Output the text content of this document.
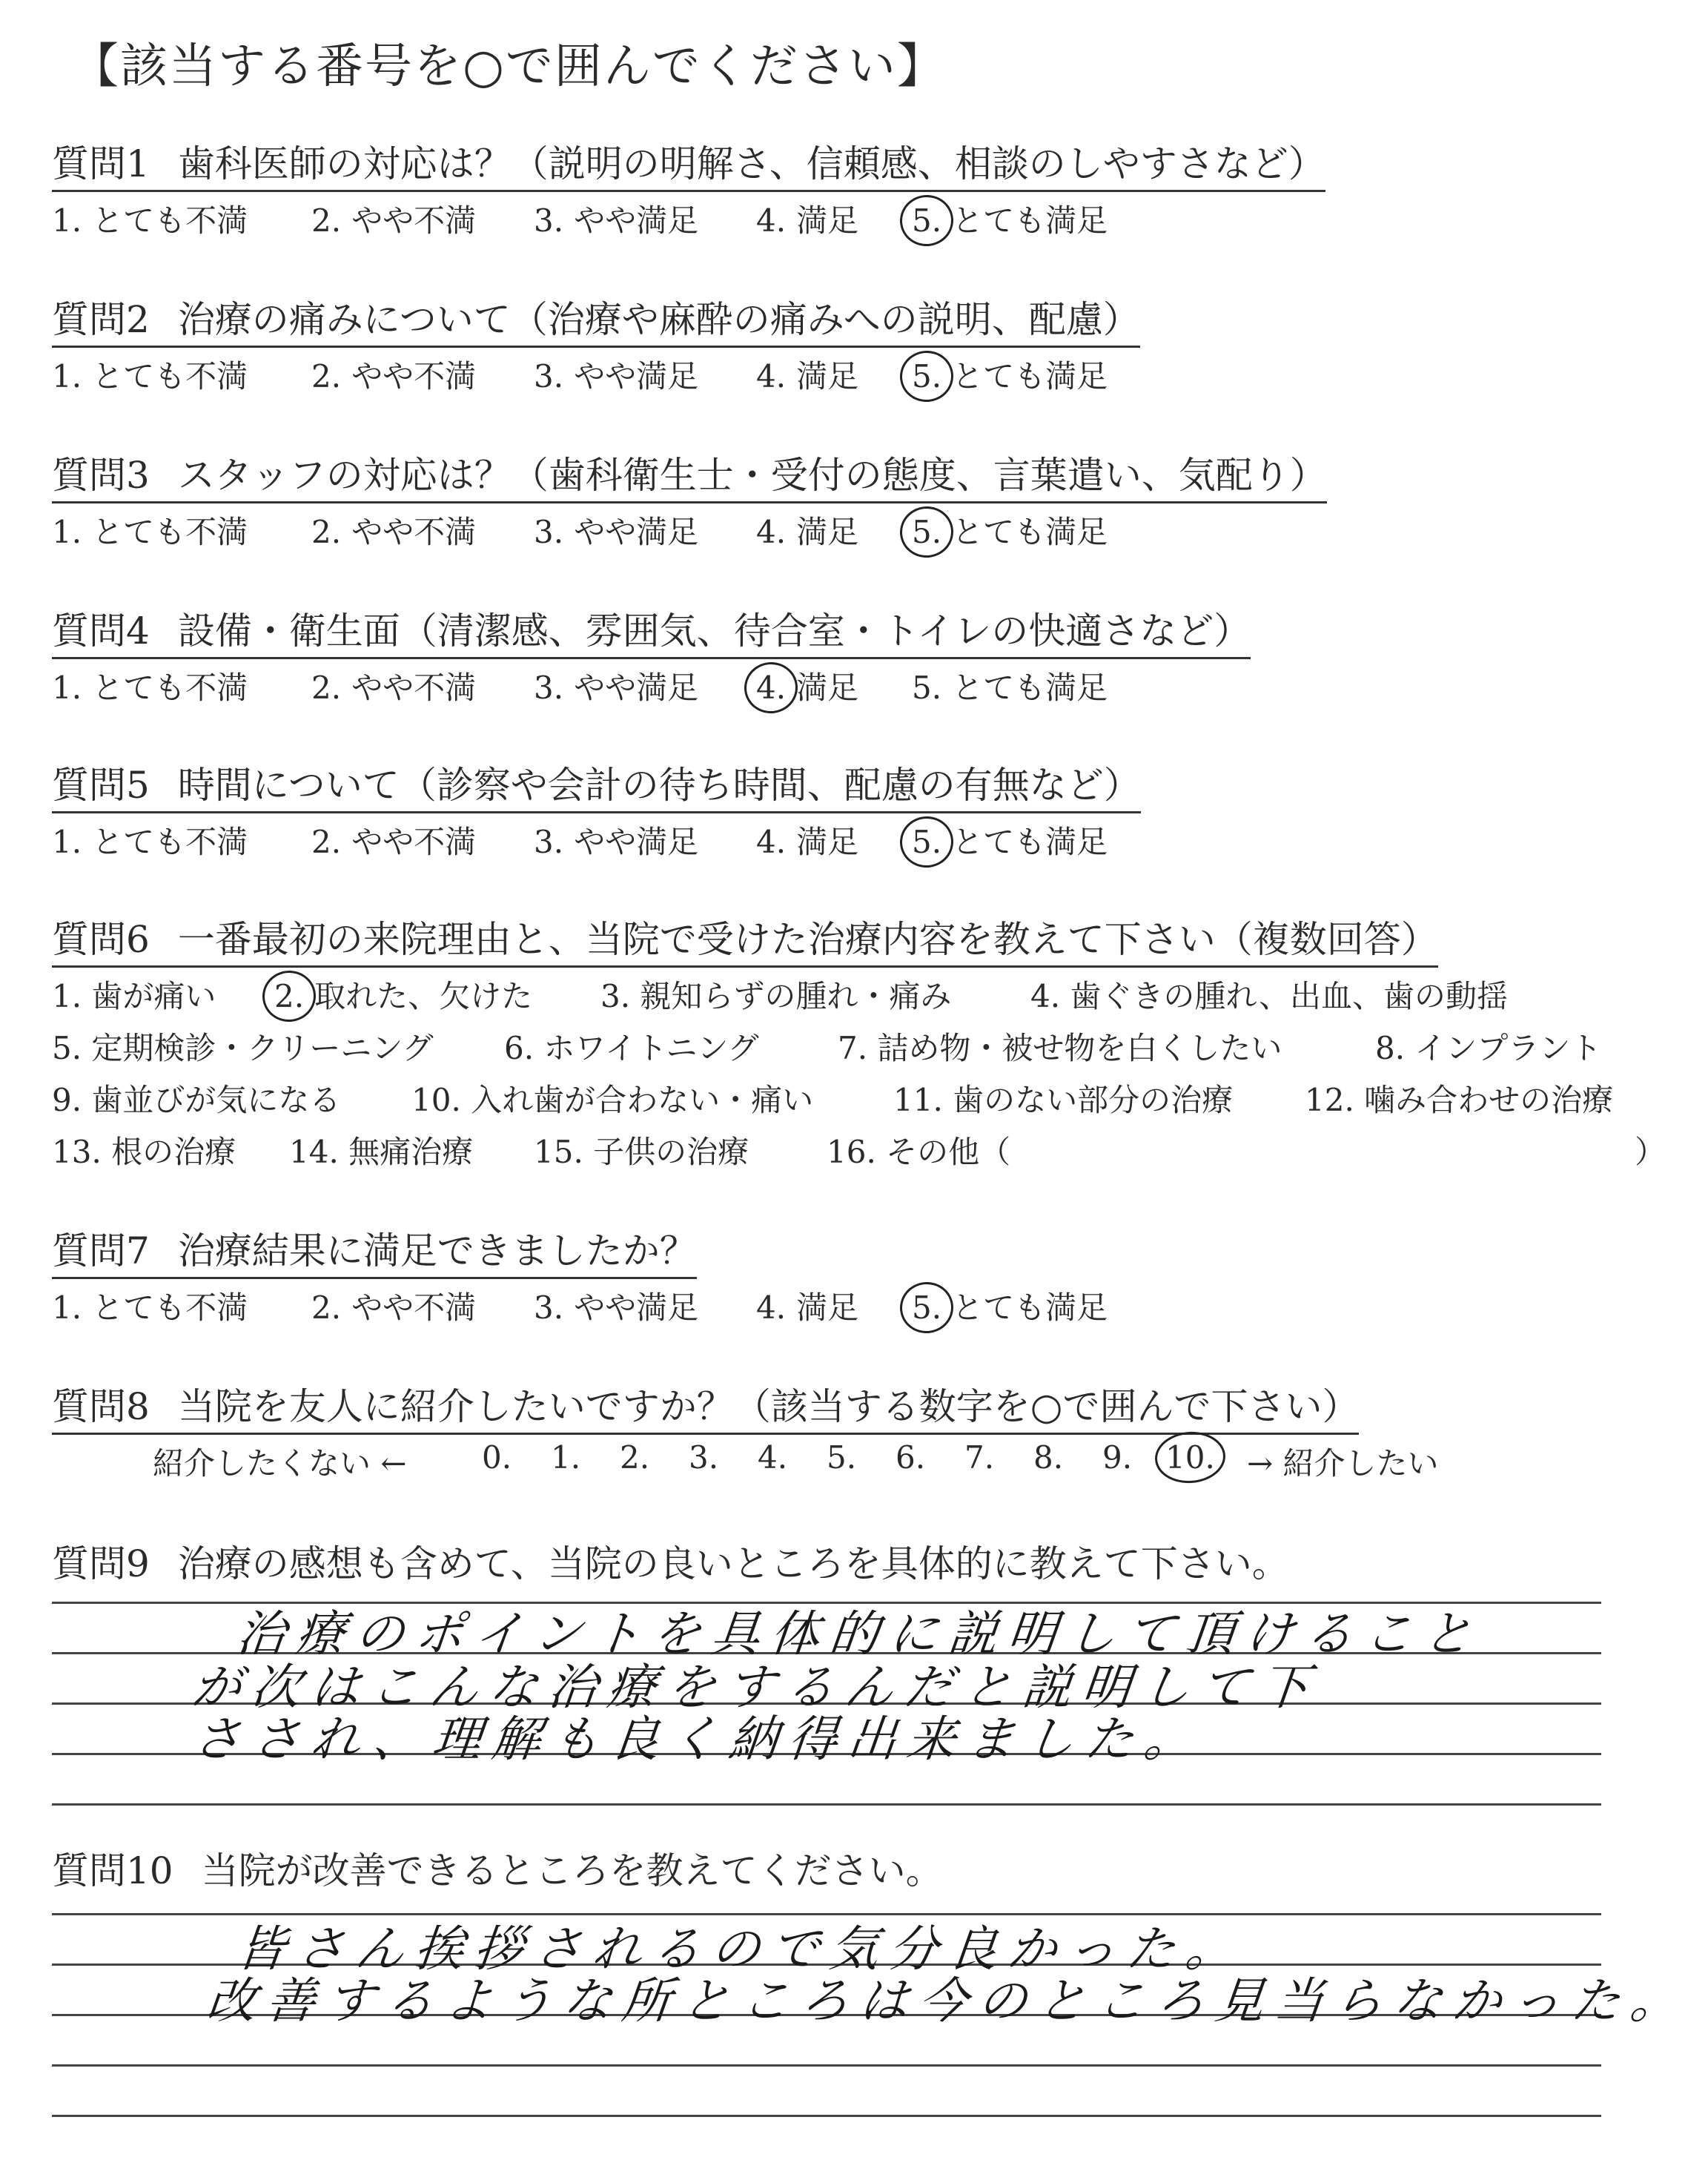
【該当する番号を○で囲んでください】
質問1 歯科医師の対応は？（説明の明解さ、信頼感、相談のしやすさなど）
1. とても不満 2. やや不満 3. やや満足 4. 満足 5. とても満足
質問2 治療の痛みについて（治療や麻酔の痛みへの説明、配慮）
1. とても不満 2. やや不満 3. やや満足 4. 満足 5. とても満足
質問3 スタッフの対応は？（歯科衛生士・受付の態度、言葉遣い、気配り）
1. とても不満 2. やや不満 3. やや満足 4. 満足 5. とても満足
質問4 設備・衛生面（清潔感、雰囲気、待合室・トイレの快適さなど）
1. とても不満 2. やや不満 3. やや満足 4. 満足 5. とても満足
質問5 時間について（診察や会計の待ち時間、配慮の有無など）
1. とても不満 2. やや不満 3. やや満足 4. 満足 5. とても満足
質問6 一番最初の来院理由と、当院で受けた治療内容を教えて下さい（複数回答）
1. 歯が痛い 2. 取れた、欠けた 3. 親知らずの腫れ・痛み	4. 歯ぐきの腫れ、出血、歯の動揺
5. 定期検診・クリーニング 6. ホワイトニング	7. 詰め物・被せ物を白くしたい	8. インプラント
9. 歯並びが気になる 10. 入れ歯が合わない・痛い	11. 歯のない部分の治療 12. 噛み合わせの治療
13. 根の治療 14. 無痛治療 15. 子供の治療 16. その他（	）
質問7 治療結果に満足できましたか？
1. とても不満 2. やや不満 3. やや満足 4. 満足 5. とても満足
質問8 当院を友人に紹介したいですか？（該当する数字を○で囲んで下さい）
紹介したくない ←	→ 紹介したい
0. 1. 2. 3. 4. 5. 6. 7. 8. 9. 10.
質問9 治療の感想も含めて、当院の良いところを具体的に教えて下さい。
治療のポイントを具体的に説明して頂けること
が次はこんな治療をするんだと説明して下
さされ、理解も良く納得出来ました。
質問10 当院が改善できるところを教えてください。
皆さん挨拶されるので気分良かった。
改善するような所ところは今のところ見当らなかった。
